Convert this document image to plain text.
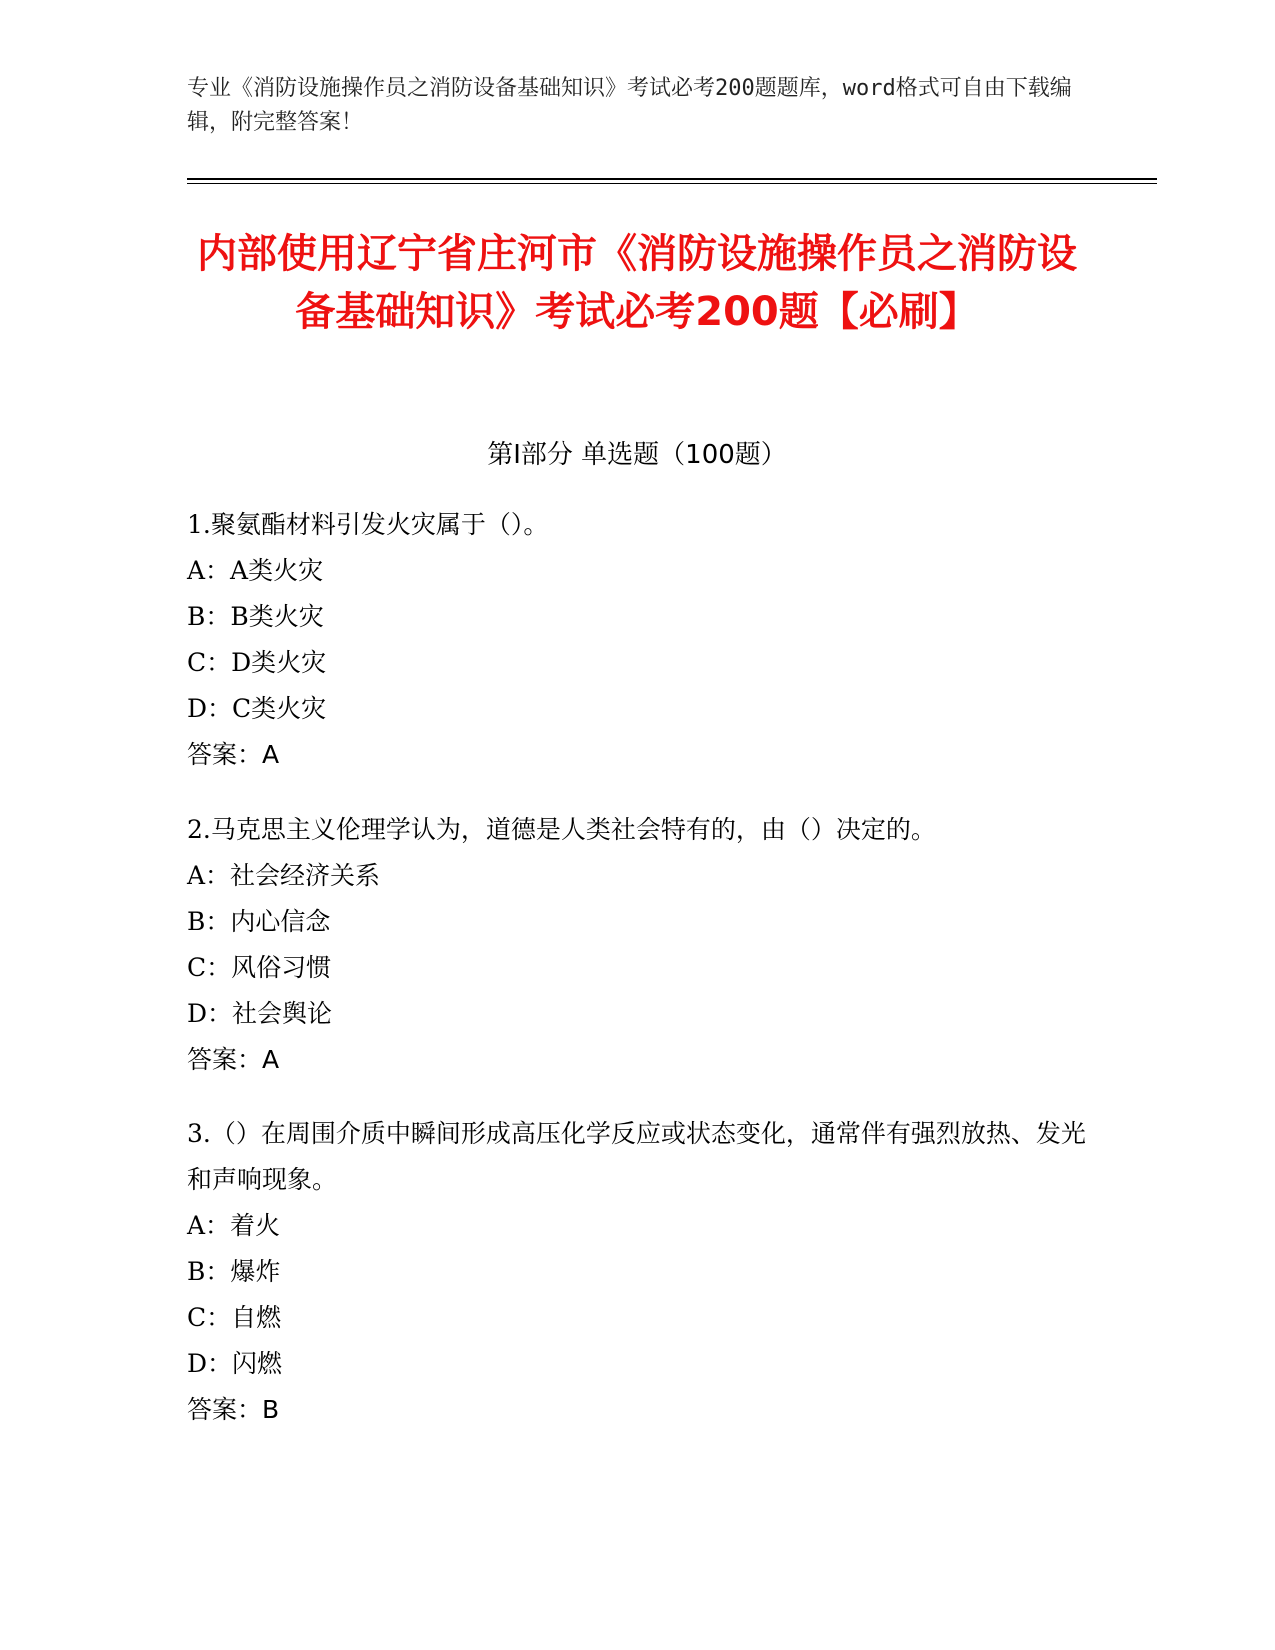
专业《消防设施操作员之消防设备基础知识》考试必考200题题库，word格式可自由下载编辑，附完整答案！
内部使用辽宁省庄河市《消防设施操作员之消防设备基础知识》考试必考200题【必刷】
第I部分 单选题（100题）

1.聚氨酯材料引发火灾属于（）。

A：A类火灾

B：B类火灾

C：D类火灾

D：C类火灾

答案：A

2.马克思主义伦理学认为，道德是人类社会特有的，由（）决定的。

A：社会经济关系

B：内心信念

C：风俗习惯

D：社会舆论

答案：A

3.（）在周围介质中瞬间形成高压化学反应或状态变化，通常伴有强烈放热、发光和声响现象。

A：着火

B：爆炸

C：自燃

D：闪燃

答案：B
